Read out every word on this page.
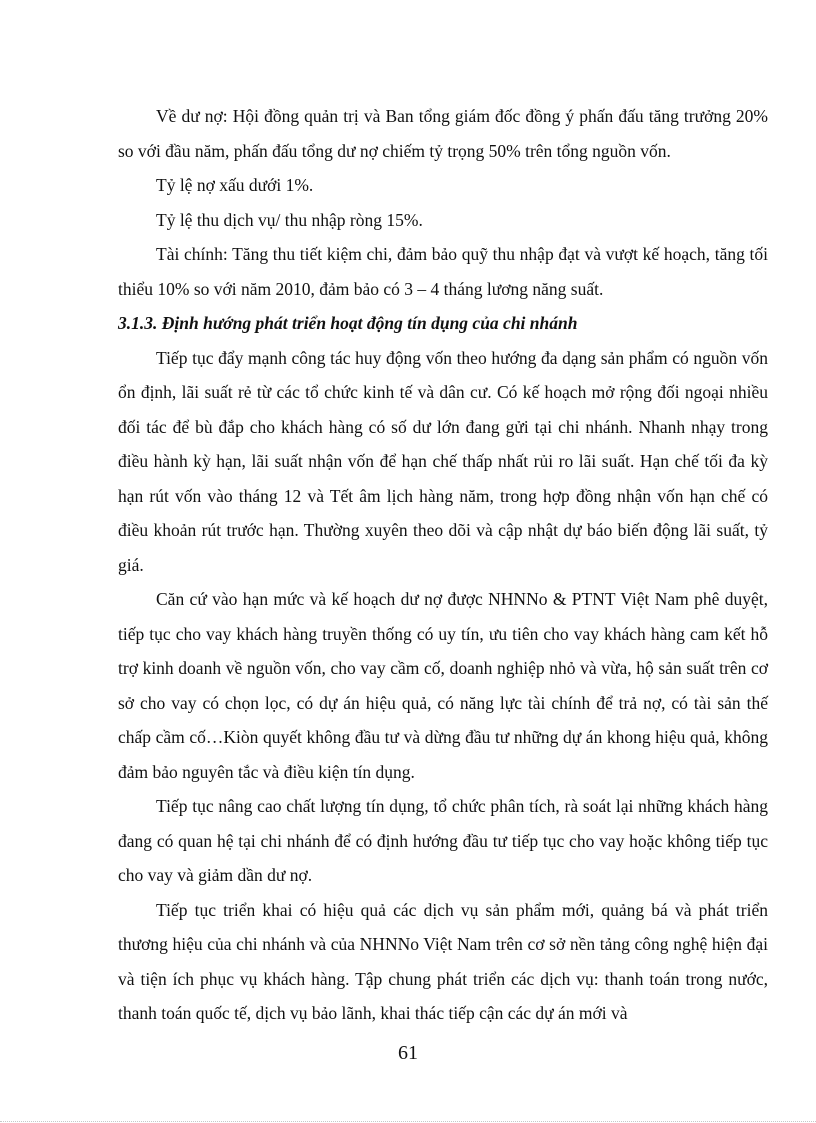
Về dư nợ: Hội đồng quản trị và Ban tổng giám đốc đồng ý phấn đấu tăng trưởng 20% so với đầu năm, phấn đấu tổng dư nợ chiếm tỷ trọng 50% trên tổng nguồn vốn.

Tỷ lệ nợ xấu dưới 1%.

Tỷ lệ thu dịch vụ/ thu nhập ròng 15%.

Tài chính: Tăng thu tiết kiệm chi, đảm bảo quỹ thu nhập đạt và vượt kế hoạch, tăng tối thiểu 10% so với năm 2010, đảm bảo có 3 – 4 tháng lương năng suất.

3.1.3. Định hướng phát triển hoạt động tín dụng của chi nhánh

Tiếp tục đẩy mạnh công tác huy động vốn theo hướng đa dạng sản phẩm có nguồn vốn ổn định, lãi suất rẻ từ các tổ chức kinh tế và dân cư. Có kế hoạch mở rộng đối ngoại nhiều đối tác để bù đắp cho khách hàng có số dư lớn đang gửi tại chi nhánh. Nhanh nhạy trong điều hành kỳ hạn, lãi suất nhận vốn để hạn chế thấp nhất rủi ro lãi suất. Hạn chế tối đa kỳ hạn rút vốn vào tháng 12 và Tết âm lịch hàng năm, trong hợp đồng nhận vốn hạn chế có điều khoản rút trước hạn. Thường xuyên theo dõi và cập nhật dự báo biến động lãi suất, tỷ giá.

Căn cứ vào hạn mức và kế hoạch dư nợ được NHNNo & PTNT Việt Nam phê duyệt, tiếp tục cho vay khách hàng truyền thống có uy tín, ưu tiên cho vay khách hàng cam kết hỗ trợ kinh doanh về nguồn vốn, cho vay cầm cố, doanh nghiệp nhỏ và vừa, hộ sản suất trên cơ sở cho vay có chọn lọc, có dự án hiệu quả, có năng lực tài chính để trả nợ, có tài sản thế chấp cầm cố…Kiòn quyết không đầu tư và dừng đầu tư những dự án khong hiệu quả, không đảm bảo nguyên tắc và điều kiện tín dụng.

Tiếp tục nâng cao chất lượng tín dụng, tổ chức phân tích, rà soát lại những khách hàng đang có quan hệ tại chi nhánh để có định hướng đầu tư tiếp tục cho vay hoặc không tiếp tục cho vay và giảm dần dư nợ.

Tiếp tục triển khai có hiệu quả các dịch vụ sản phẩm mới, quảng bá và phát triển thương hiệu của chi nhánh và của NHNNo Việt Nam trên cơ sở nền tảng công nghệ hiện đại và tiện ích phục vụ khách hàng. Tập chung phát triển các dịch vụ: thanh toán trong nước, thanh toán quốc tế, dịch vụ bảo lãnh, khai thác tiếp cận các dự án mới và

61
